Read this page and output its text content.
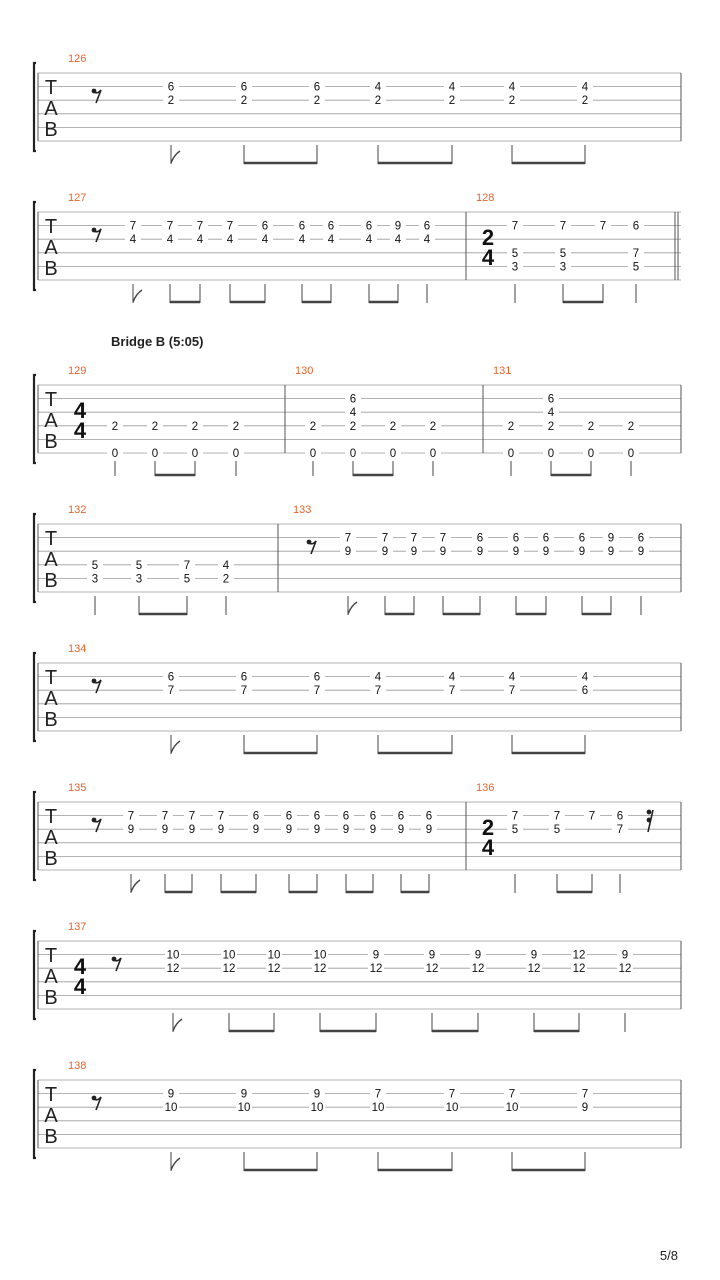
T
A
B
126
6
2
6
2
6
2
4
2
4
2
4
2
4
2
T
A
B
127
7
4
7
4
7
4
7
4
6
4
6
4
6
4
6
4
9
4
6
4
128
2
4
7
5
3
7
5
3
7 6
7
5
Bridge B (5:05)
T
A
B
129
4
4 2
0
2
0
2
0
2
0
130
2
0
6
4
2
0
2
0
2
0
131
2
0
6
4
2
0
2
0
2
0
T
A
B
132
5
3
5
3
7
5
4
2
133
7
9
7
9
7
9
7
9
6
9
6
9
6
9
6
9
9
9
6
9
T
A
B
134
6
7
6
7
6
7
4
7
4
7
4
7
4
6
T
A
B
135
7
9
7
9
7
9
7
9
6
9
6
9
6
9
6
9
6
9
6
9
6
9
136
2
4
7
5
7
5
7 6
7
T
A
B
137
4
4
10
12
10
12
10
12
10
12
9
12
9
12
9
12
9
12
12
12
9
12
T
A
B
138
9
10
9
10
9
10
7
10
7
10
7
10
7
9
5/8
